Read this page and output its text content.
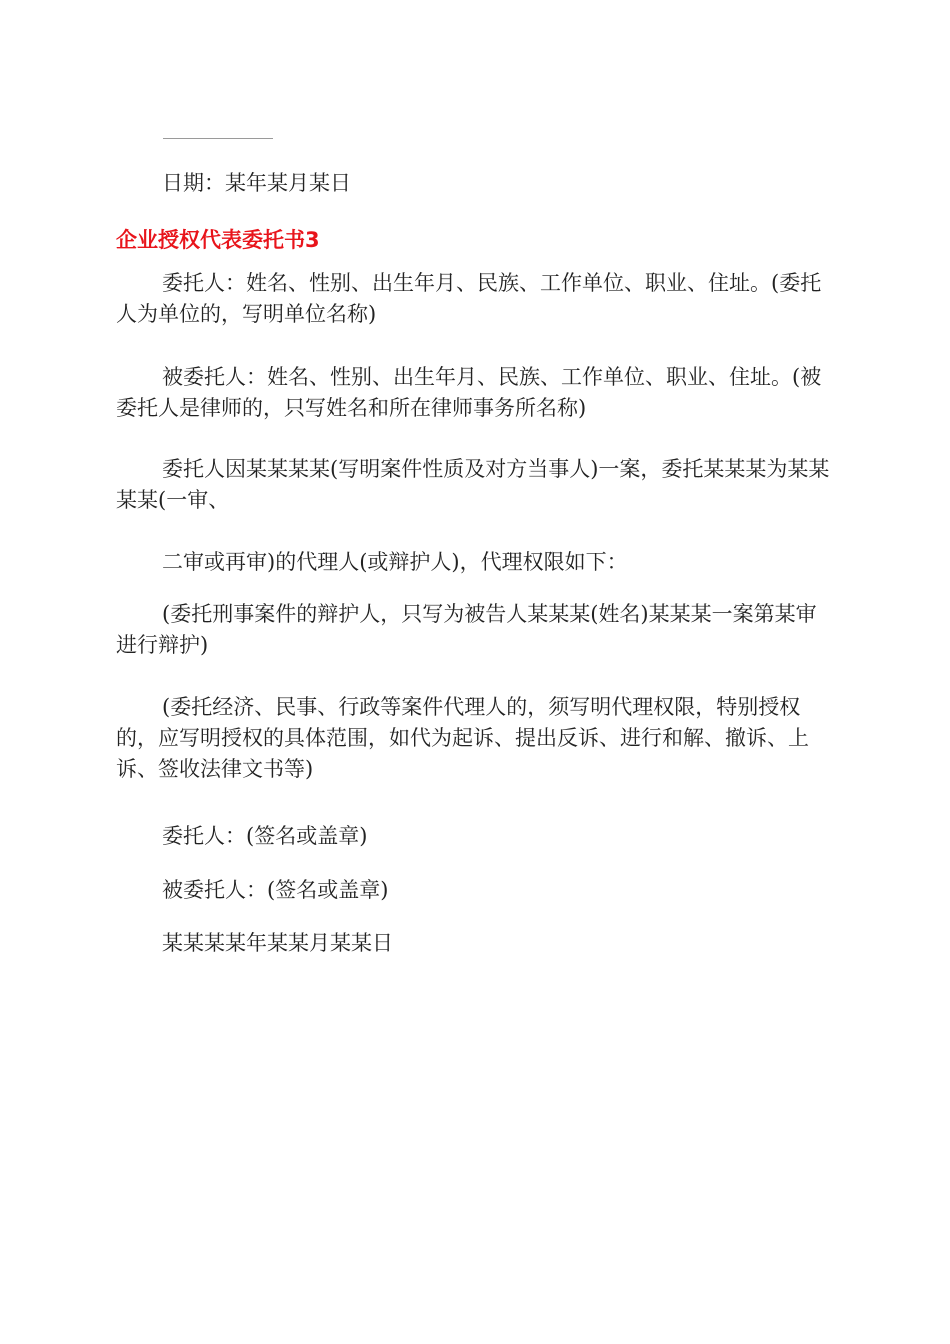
日期：某年某月某日

企业授权代表委托书3

委托人：姓名、性别、出生年月、民族、工作单位、职业、住址。(委托人为单位的，写明单位名称)

被委托人：姓名、性别、出生年月、民族、工作单位、职业、住址。(被委托人是律师的，只写姓名和所在律师事务所名称)

委托人因某某某某(写明案件性质及对方当事人)一案，委托某某某为某某某某(一审、

二审或再审)的代理人(或辩护人)，代理权限如下：

(委托刑事案件的辩护人，只写为被告人某某某(姓名)某某某一案第某审进行辩护)

(委托经济、民事、行政等案件代理人的，须写明代理权限，特别授权的，应写明授权的具体范围，如代为起诉、提出反诉、进行和解、撤诉、上诉、签收法律文书等)

委托人：(签名或盖章)

被委托人：(签名或盖章)

某某某某年某某月某某日
